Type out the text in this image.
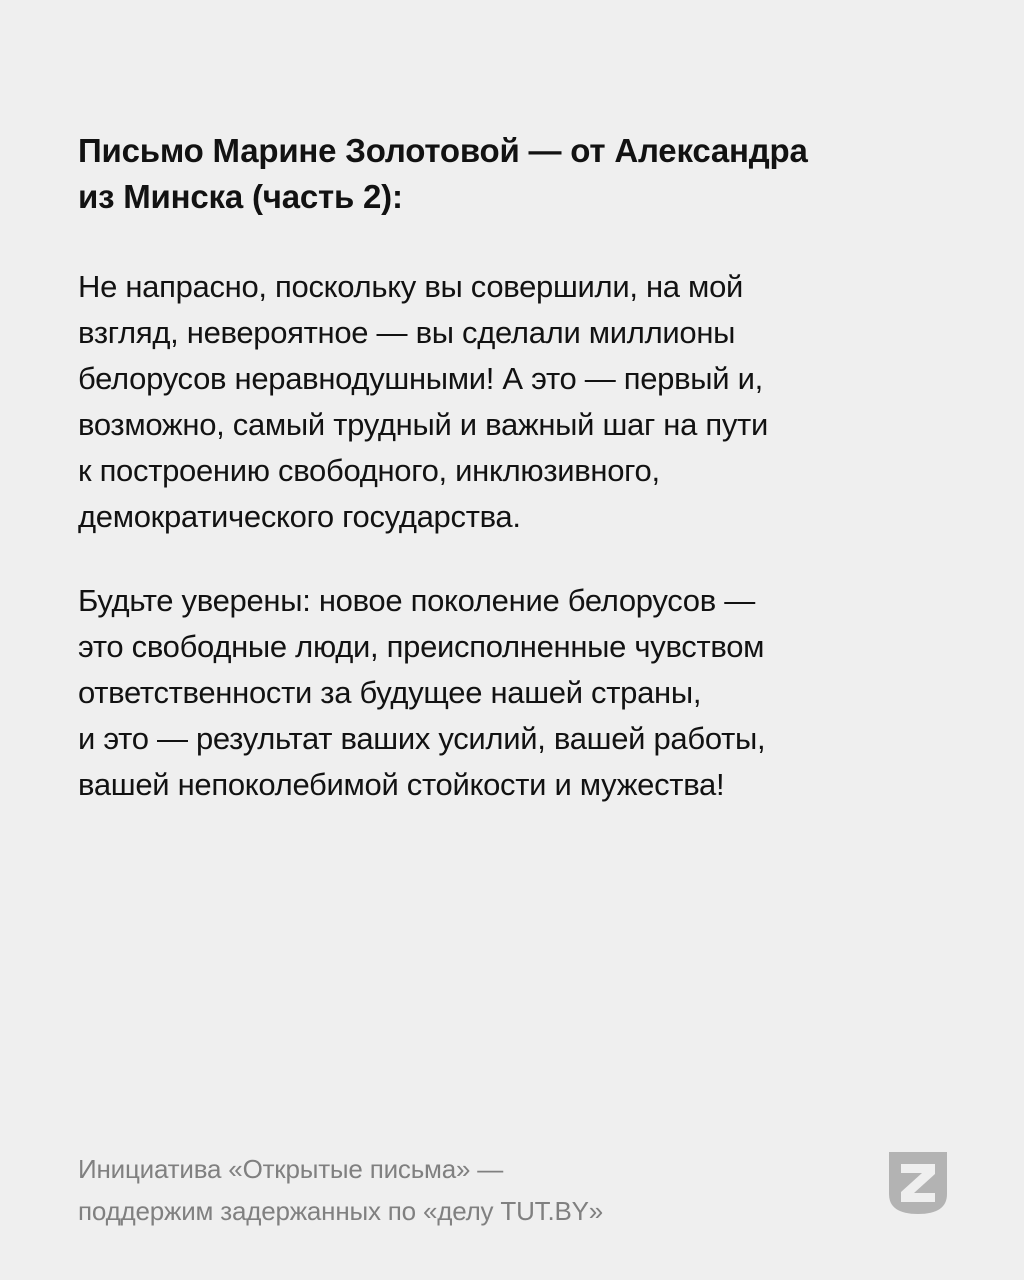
Письмо Марине Золотовой — от Александра
из Минска (часть 2):

Не напрасно, поскольку вы совершили, на мой
взгляд, невероятное — вы сделали миллионы
белорусов неравнодушными! А это — первый и,
возможно, самый трудный и важный шаг на пути
к построению свободного, инклюзивного,
демократического государства.

Будьте уверены: новое поколение белорусов —
это свободные люди, преисполненные чувством
ответственности за будущее нашей страны,
и это — результат ваших усилий, вашей работы,
вашей непоколебимой стойкости и мужества!

Инициатива «Открытые письма» —
поддержим задержанных по «делу TUT.BY»
